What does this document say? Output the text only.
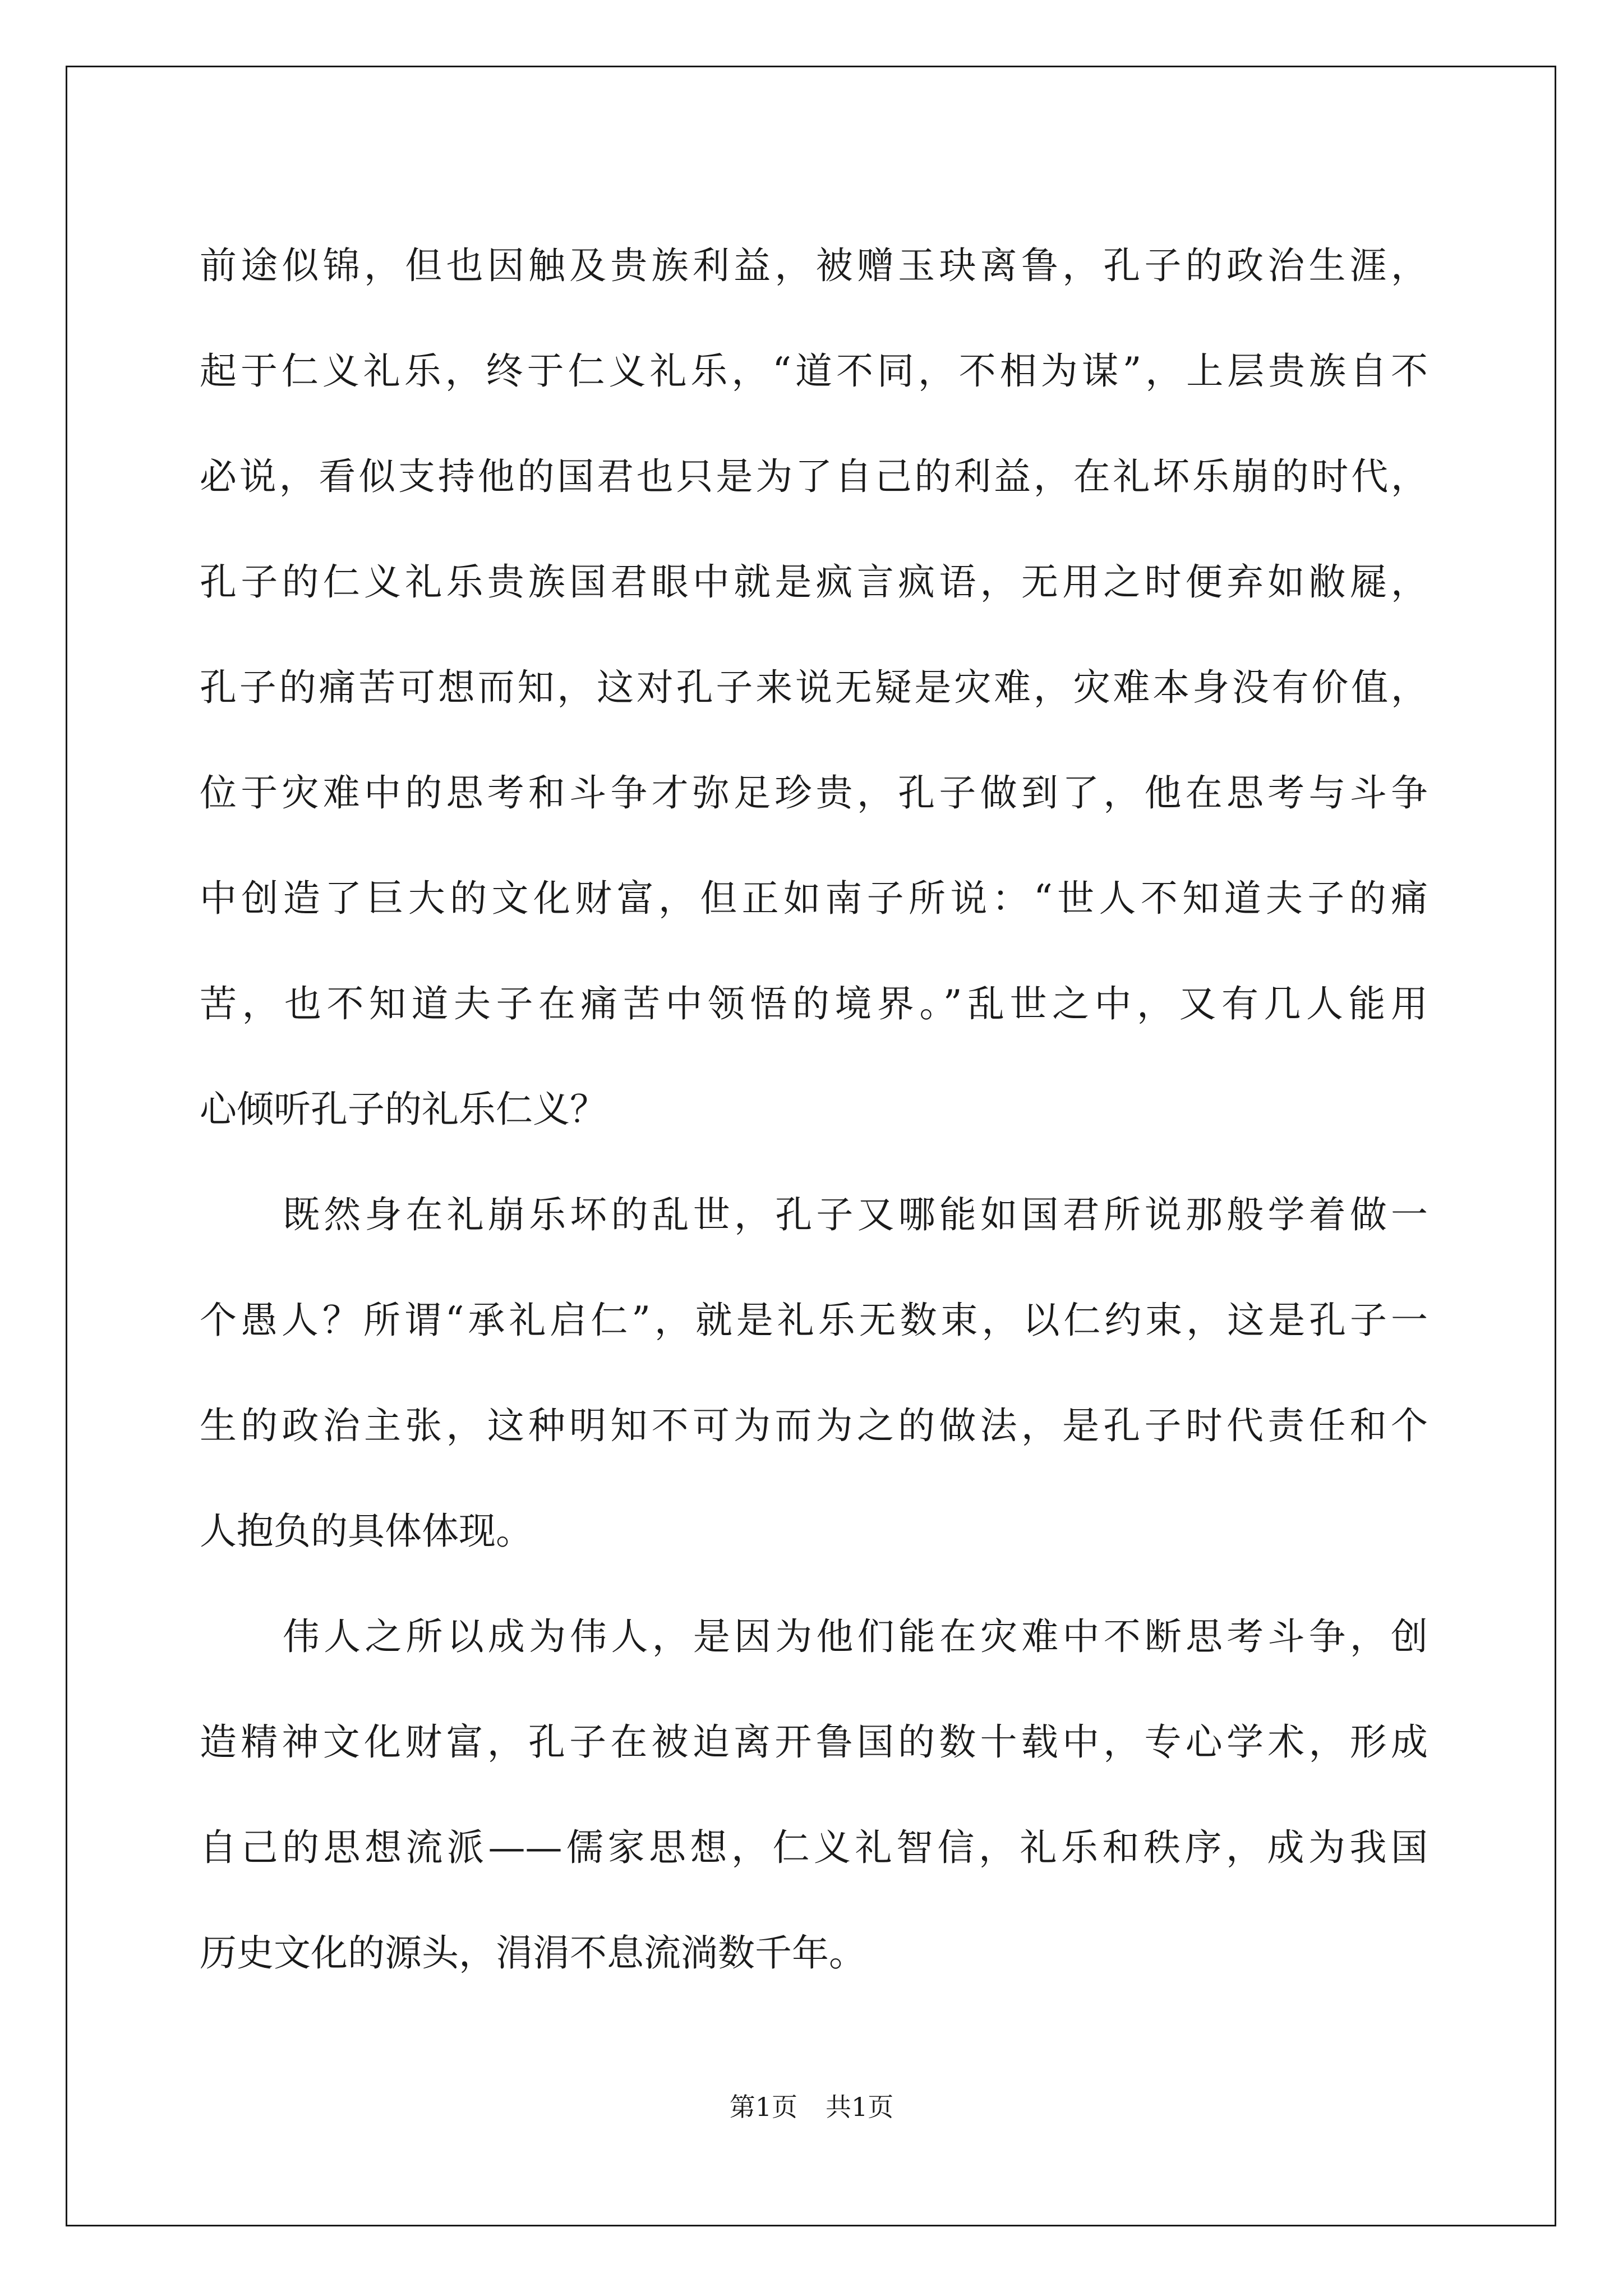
前途似锦，但也因触及贵族利益，被赠玉玦离鲁，孔子的政治生涯，
起于仁义礼乐，终于仁义礼乐，“道不同，不相为谋”，上层贵族自不
必说，看似支持他的国君也只是为了自己的利益，在礼坏乐崩的时代，
孔子的仁义礼乐贵族国君眼中就是疯言疯语，无用之时便弃如敝屣，
孔子的痛苦可想而知，这对孔子来说无疑是灾难，灾难本身没有价值，
位于灾难中的思考和斗争才弥足珍贵，孔子做到了，他在思考与斗争
中创造了巨大的文化财富，但正如南子所说：“世人不知道夫子的痛
苦，也不知道夫子在痛苦中领悟的境界。”乱世之中，又有几人能用
心倾听孔子的礼乐仁义？
既然身在礼崩乐坏的乱世，孔子又哪能如国君所说那般学着做一
个愚人？所谓“承礼启仁”，就是礼乐无数束，以仁约束，这是孔子一
生的政治主张，这种明知不可为而为之的做法，是孔子时代责任和个
人抱负的具体体现。
伟人之所以成为伟人，是因为他们能在灾难中不断思考斗争，创
造精神文化财富，孔子在被迫离开鲁国的数十载中，专心学术，形成
自己的思想流派——儒家思想，仁义礼智信，礼乐和秩序，成为我国
历史文化的源头，涓涓不息流淌数千年。
第1页 共1页
